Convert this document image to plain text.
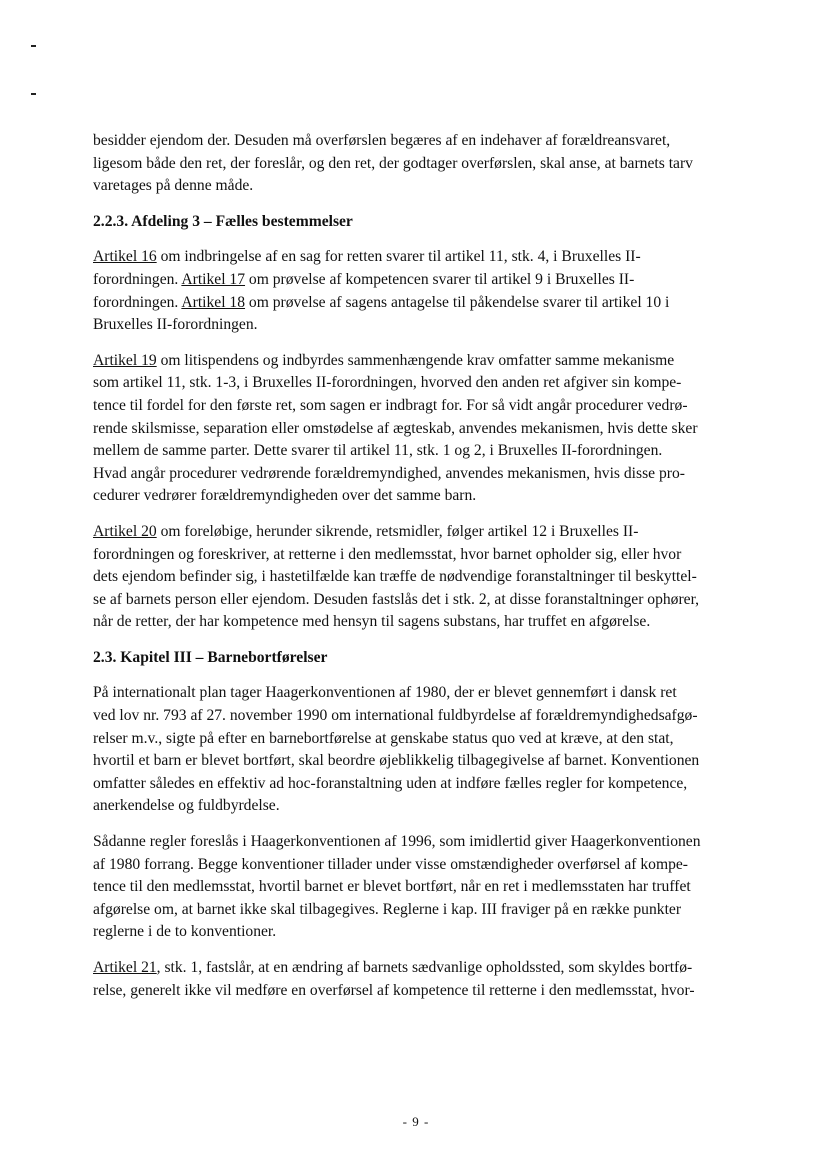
besidder ejendom der. Desuden må overførslen begæres af en indehaver af forældreansvaret,
ligesom både den ret, der foreslår, og den ret, der godtager overførslen, skal anse, at barnets tarv
varetages på denne måde.
2.2.3. Afdeling 3 – Fælles bestemmelser
Artikel 16 om indbringelse af en sag for retten svarer til artikel 11, stk. 4, i Bruxelles II-
forordningen. Artikel 17 om prøvelse af kompetencen svarer til artikel 9 i Bruxelles II-
forordningen. Artikel 18 om prøvelse af sagens antagelse til påkendelse svarer til artikel 10 i
Bruxelles II-forordningen.
Artikel 19 om litispendens og indbyrdes sammenhængende krav omfatter samme mekanisme
som artikel 11, stk. 1-3, i Bruxelles II-forordningen, hvorved den anden ret afgiver sin kompe-
tence til fordel for den første ret, som sagen er indbragt for. For så vidt angår procedurer vedrø-
rende skilsmisse, separation eller omstødelse af ægteskab, anvendes mekanismen, hvis dette sker
mellem de samme parter. Dette svarer til artikel 11, stk. 1 og 2, i Bruxelles II-forordningen.
Hvad angår procedurer vedrørende forældremyndighed, anvendes mekanismen, hvis disse pro-
cedurer vedrører forældremyndigheden over det samme barn.
Artikel 20 om foreløbige, herunder sikrende, retsmidler, følger artikel 12 i Bruxelles II-
forordningen og foreskriver, at retterne i den medlemsstat, hvor barnet opholder sig, eller hvor
dets ejendom befinder sig, i hastetilfælde kan træffe de nødvendige foranstaltninger til beskyttel-
se af barnets person eller ejendom. Desuden fastslås det i stk. 2, at disse foranstaltninger ophører,
når de retter, der har kompetence med hensyn til sagens substans, har truffet en afgørelse.
2.3. Kapitel III – Barnebortførelser
På internationalt plan tager Haagerkonventionen af 1980, der er blevet gennemført i dansk ret
ved lov nr. 793 af 27. november 1990 om international fuldbyrdelse af forældremyndighedsafgø-
relser m.v., sigte på efter en barnebortførelse at genskabe status quo ved at kræve, at den stat,
hvortil et barn er blevet bortført, skal beordre øjeblikkelig tilbagegivelse af barnet. Konventionen
omfatter således en effektiv ad hoc-foranstaltning uden at indføre fælles regler for kompetence,
anerkendelse og fuldbyrdelse.
Sådanne regler foreslås i Haagerkonventionen af 1996, som imidlertid giver Haagerkonventionen
af 1980 forrang. Begge konventioner tillader under visse omstændigheder overførsel af kompe-
tence til den medlemsstat, hvortil barnet er blevet bortført, når en ret i medlemsstaten har truffet
afgørelse om, at barnet ikke skal tilbagegives. Reglerne i kap. III fraviger på en række punkter
reglerne i de to konventioner.
Artikel 21, stk. 1, fastslår, at en ændring af barnets sædvanlige opholdssted, som skyldes bortfø-
relse, generelt ikke vil medføre en overførsel af kompetence til retterne i den medlemsstat, hvor-
- 9 -
